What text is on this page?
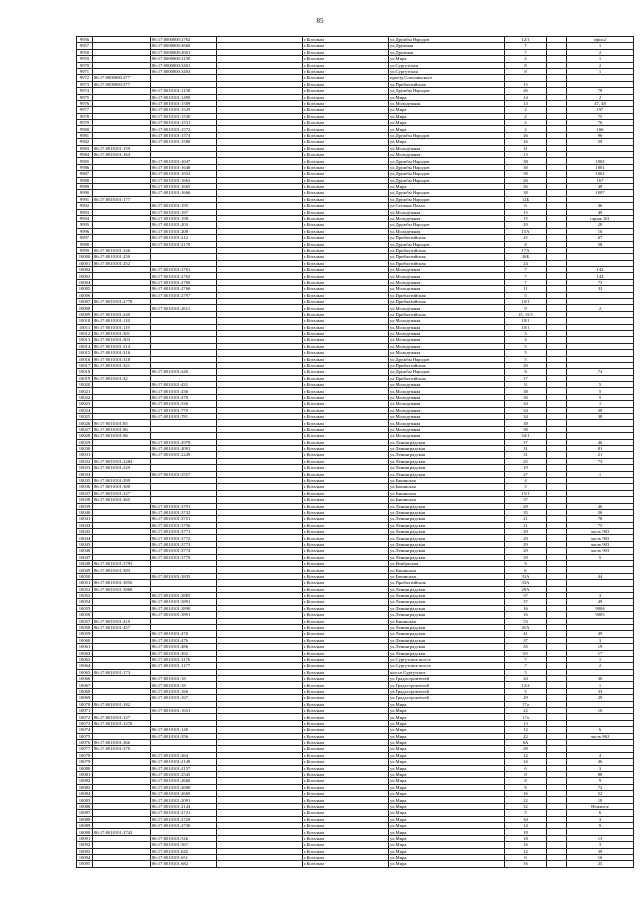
85
9956		86:17:0000000:2762		г.Когалым	ул.Дружбы Народов	12/1		офис2
9957		86:17:0000000:2660		г.Когалым	ул.Дружная	7		1
9958		86:17:0000000:2601		г.Когалым	ул.Дружная	7		2
9959		86:17:0000000:3150		г.Когалым	ул.Мира	2		1
9970		86:17:0000000:3401		г.Когалым	ул.Сургутская	8		2
9971		86:17:0000000:3403		г.Когалым	ул.Сургутская	8		1
9972	86:17:0000000:377			г.Когалым	проезд Сопочинского			
9973	86:17:0000000:377			г.Когалым	ул.Прибалтийская	15		
9974		86:17:0010101:1130		г.Когалым	ул.Дружбы Народов	26		78
9975		86:17:0010101:1490		г.Когалым	ул.Мира	14		2
9976		86:17:0010101:1509		г.Когалым	ул.Молодежная	13		47, 48
9977		86:17:0010101:1529		г.Когалым	ул.Мира	2		197
9978		86:17:0010101:1530		г.Когалым	ул.Мира	2		75
9979		86:17:0010101:1531		г.Когалым	ул.Мира	2		76
9980		86:17:0010101:1572		г.Когалым	ул.Мира	2		166
9981		86:17:0010101:1574		г.Когалым	ул.Дружбы Народов	26		96
9982		86:17:0010101:1580		г.Когалым	ул.Мира	16		59
9983	86:17:0010101:159			г.Когалым	ул.Молодежная	31		
9984	86:17:0010101:164			г.Когалым	ул.Молодежная	13		
9985		86:17:0010101:1647		г.Когалым	ул.Дружбы Народов	38		1002
9986		86:17:0010101:1648		г.Когалым	ул.Дружбы Народов	38		1001
9987		86:17:0010101:1652		г.Когалым	ул.Дружбы Народов	38		1002
9988		86:17:0010101:1663		г.Когалым	ул.Дружбы Народов	26		167
9989		86:17:0010101:1665		г.Когалым	ул.Мира	26		48
9990		86:17:0010101:1666		г.Когалым	ул.Дружбы Народов	38		1007
9991	86:17:0010101:177			г.Когалым	ул.Дружбы Народов	12Б		
9992		86:17:0010101:195		г.Когалым	ул.Степана Повха	6		46
9993		86:17:0010101:197		г.Когалым	ул.Молодежная	15		49
9994		86:17:0010101:198		г.Когалым	ул.Молодежная	15		гараж 101
9995		86:17:0010101:203		г.Когалым	ул.Дружбы Народов	29		20
9996		86:17:0010101:208		г.Когалым	ул.Молодежная	15А		16
9997		86:17:0010101:212		г.Когалым	ул.Прибалтийская	25		67
9998		86:17:0010101:2170		г.Когалым	ул.Дружбы Народов	8		58
9999	86:17:0010101:246			г.Когалым	ул.Прибалтийская	17А		
10000	86:17:0010101:250			г.Когалым	ул.Прибалтийская	26Б		
10001	86:17:0010101:252			г.Когалым	ул.Прибалтийская	24		
10002		86:17:0010101:2761		г.Когалым	ул.Молодежная	7		142
10003		86:17:0010101:2762		г.Когалым	ул.Молодежная	7		144
10004		86:17:0010101:2760		г.Когалым	ул.Молодежная	7		73
10005		86:17:0010101:2766		г.Когалым	ул.Молодежная	11		33
10006		86:17:0010101:2797		г.Когалым	ул.Прибалтийская	5		
10007	86:17:0010101:2778			г.Когалым	ул.Прибалтийская	10/1		
10008		86:17:0010101:2611		г.Когалым	ул.Молодежная	9		2
10009	86:17:0010101:240			г.Когалым	ул.Прибалтийская	15, 15/1		
10010	86:17:0010101:118			г.Когалым	ул.Молодежная	10/1		
10011	86:17:0010101:119			г.Когалым	ул.Молодежная	10/1		
10012	86:17:0010101:301			г.Когалым	ул.Молодежная	3		
10013	86:17:0010101:303			г.Когалым	ул.Молодежная	4		
10014	86:17:0010101:314			г.Когалым	ул.Молодежная	5		
10015	86:17:0010101:316			г.Когалым	ул.Молодежная	5		
10016	86:17:0010101:318			г.Когалым	ул.Дружбы Народов	5		
10017	86:17:0010101:321			г.Когалым	ул.Прибалтийская	20		
10018		86:17:0010101:340		г.Когалым	ул.Дружбы Народов	8		74
10019	86:17:0010101:42			г.Когалым	ул.Прибалтийская	17		
10020		86:17:0010101:431		г.Когалым	ул.Молодежная	8		5
10021		86:17:0010101:436		г.Когалым	ул.Молодежная	38		5
10022		86:17:0010101:478		г.Когалым	ул.Молодежная	30		5
10023		86:17:0010101:536		г.Когалым	ул.Молодежная	34		1
10024		86:17:0010101:770		г.Когалым	ул.Молодежная	34		39
10025		86:17:0010101:781		г.Когалым	ул.Молодежная	34		38
10026	86:17:0010101:85			г.Когалым	ул.Молодежная	38		
10027	86:17:0010101:86			г.Когалым	ул.Молодежная	38		
10028	86:17:0010101:96			г.Когалым	ул.Молодежная	34/1		
10029		86:17:0010101:2978		г.Когалым	ул.Ленинградская	37		46
10030		86:17:0010101:2091		г.Когалым	ул.Ленинградская	31		81
10031		86:17:0010101:2249		г.Когалым	ул.Ленинградская	31		21
10032	86:17:0010101:2284			г.Когалым	ул.Ленинградская	25		73
10033	86:17:0010101:229			г.Когалым	ул.Ленинградская	19		
10034		86:17:0010101:2557		г.Когалым	ул.Ленинградская	27		1
10035	86:17:0010101:299			г.Когалым	ул.Бакинская	4		
10036	86:17:0010101:300			г.Когалым	ул.Бакинская	5		
10037	86:17:0010101:327			г.Когалым	ул.Бакинская	15/1		
10038	86:17:0010101:365			г.Когалым	ул.Бакинская	37		
10039		86:17:0010101:3791		г.Когалым	ул.Ленинградская	29		46
10040		86:17:0010101:3732		г.Когалым	ул.Ленинградская	35		56
10041		86:17:0010101:3751		г.Когалым	ул.Ленинградская	21		78
10042		86:17:0010101:3756		г.Когалым	ул.Ленинградская	21		75
10043		86:17:0010101:3771		г.Когалым	ул.Ленинградская	29		часть 903
10044		86:17:0010101:3772		г.Когалым	ул.Ленинградская	29		часть 903
10045		86:17:0010101:3773		г.Когалым	ул.Ленинградская	29		часть 903
10046		86:17:0010101:3774		г.Когалым	ул.Ленинградская	29		часть 903
10047		86:17:0010101:3779		г.Когалым	ул.Ленинградская	29		5
10048	86:17:0010101:3793			г.Когалым	ул.Ноябрьская	9		
10049	86:17:0010101:383			г.Когалым	ул.Бакинская	6		
10050		86:17:0010101:3835		г.Когалым	ул.Бакинская	33А		44
10051	86:17:0010101:3856			г.Когалым	ул.Прибалтийская	33А		
10052	86:17:0010101:3868			г.Когалым	ул.Ленинградская	29А		
10053		86:17:0010101:3885		г.Когалым	ул.Ленинградская	37		3
10054		86:17:0010101:3891		г.Когалым	ул.Ленинградская	37		49
10055		86:17:0010101:3890		г.Когалым	ул.Ленинградская	16		9004
10056		86:17:0010101:3891		г.Когалым	ул.Ленинградская	16		9005
10057	86:17:0010101:419			г.Когалым	ул.Бакинская	53		
10058	86:17:0010101:457			г.Когалым	ул.Ленинградская	45А		
10059		86:17:0010101:470		г.Когалым	ул.Ленинградская	41		49
10060		86:17:0010101:476		г.Когалым	ул.Ленинградская	37		3
10061		86:17:0010101:486		г.Когалым	ул.Ленинградская	35		19
10062		86:17:0010101:492		г.Когалым	ул.Ленинградская	65		17
10063		86:17:0010101:1176		г.Когалым	ул.Сургутское шоссе	7		1
10064		86:17:0010101:1177		г.Когалым	ул.Сургутское шоссе	7		2
10065	86:17:0010101:173			г.Когалым	шоссе Сургутское	5		
10066		86:17:0010101:18		г.Когалым	ул.Градостроителей	24		30
10067		86:17:0010101:18		г.Когалым	ул.Градостроителей	12/4		1
10068		86:17:0010101:166		г.Когалым	ул.Градостроителей	5		33
10069		86:17:0010101:167		г.Когалым	ул.Градостроителей	29		29
10070	86:17:0010101:182			г.Когалым	ул.Мира	17а		
10071		86:17:0010101:1631		г.Когалым	ул.Мира	22		10
10072	86:17:0010101:127			г.Когалым	ул.Мира	17а		
10073	86:17:0010101:1276			г.Когалым	ул.Мира	13		
10074		86:17:0010101:140		г.Когалым	ул.Мира	12		6
10075		86:17:0010101:356		г.Когалым	ул.Мира	22		часть 862
10076	86:17:0010101:366			г.Когалым	ул.Мира	6А		
10077	86:17:0010101:370			г.Когалым	ул.Мира	28		
10078		86:17:0010101:264		г.Когалым	ул.Мира	12		4
10079		86:17:0010101:2149		г.Когалым	ул.Мира	16		46
10080		86:17:0010101:2157		г.Когалым	ул.Мира	6		3
10081		86:17:0010101:2545		г.Когалым	ул.Мира	8		88
10082		86:17:0010101:2660		г.Когалым	ул.Мира	8		9
10083		86:17:0010101:2690		г.Когалым	ул.Мира	8		72
10084		86:17:0010101:2669		г.Когалым	ул.Мира	16		52
10085		86:17:0010101:2091		г.Когалым	ул.Мира	22		18
10086		86:17:0010101:2144		г.Когалым	ул.Мира	32		Нежилое
10087		86:17:0010101:2721		г.Когалым	ул.Мира	5		6
10088		86:17:0010101:2729		г.Когалым	ул.Мира	34		3
10089		86:17:0010101:2730		г.Когалым	ул.Мира	14		9
10090	86:17:0010101:2742			г.Когалым	ул.Мира	18		
10091		86:17:0010101:526		г.Когалым	ул.Мира	18		13
10092		86:17:0010101:567		г.Когалым	ул.Мира	16		3
10093		86:17:0010101:645		г.Когалым	ул.Мира	12		39
10094		86:17:0010101:651		г.Когалым	ул.Мира	6		16
10095		86:17:0010101:682		г.Когалым	ул.Мира	16		25
